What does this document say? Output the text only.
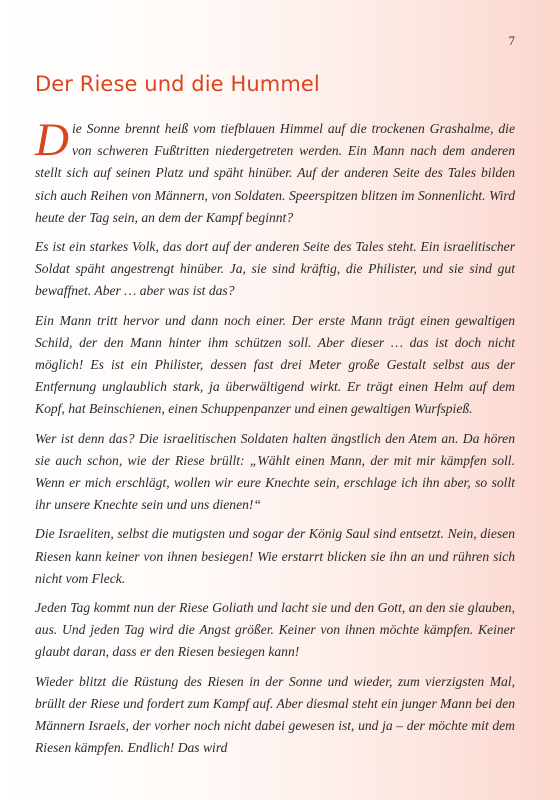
7
Der Riese und die Hummel

Die Sonne brennt heiß vom tiefblauen Himmel auf die trockenen Grashalme, die von schweren Fußtritten niedergetreten werden. Ein Mann nach dem anderen stellt sich auf seinen Platz und späht hinüber. Auf der anderen Seite des Tales bilden sich auch Reihen von Männern, von Soldaten. Speerspitzen blitzen im Sonnenlicht. Wird heute der Tag sein, an dem der Kampf beginnt?

Es ist ein starkes Volk, das dort auf der anderen Seite des Tales steht. Ein israelitischer Soldat späht angestrengt hinüber. Ja, sie sind kräftig, die Philister, und sie sind gut bewaffnet. Aber … aber was ist das?

Ein Mann tritt hervor und dann noch einer. Der erste Mann trägt einen gewaltigen Schild, der den Mann hinter ihm schützen soll. Aber dieser … das ist doch nicht möglich! Es ist ein Philister, dessen fast drei Meter große Gestalt selbst aus der Entfernung unglaublich stark, ja überwältigend wirkt. Er trägt einen Helm auf dem Kopf, hat Beinschienen, einen Schuppenpanzer und einen gewaltigen Wurfspieß.

Wer ist denn das? Die israelitischen Soldaten halten ängstlich den Atem an. Da hören sie auch schon, wie der Riese brüllt: „Wählt einen Mann, der mit mir kämpfen soll. Wenn er mich erschlägt, wollen wir eure Knechte sein, erschlage ich ihn aber, so sollt ihr unsere Knechte sein und uns dienen!“

Die Israeliten, selbst die mutigsten und sogar der König Saul sind entsetzt. Nein, diesen Riesen kann keiner von ihnen besiegen! Wie erstarrt blicken sie ihn an und rühren sich nicht vom Fleck.

Jeden Tag kommt nun der Riese Goliath und lacht sie und den Gott, an den sie glauben, aus. Und jeden Tag wird die Angst größer. Keiner von ihnen möchte kämpfen. Keiner glaubt daran, dass er den Riesen besiegen kann!

Wieder blitzt die Rüstung des Riesen in der Sonne und wieder, zum vierzigsten Mal, brüllt der Riese und fordert zum Kampf auf. Aber diesmal steht ein junger Mann bei den Männern Israels, der vorher noch nicht dabei gewesen ist, und ja – der möchte mit dem Riesen kämpfen. Endlich! Das wird
